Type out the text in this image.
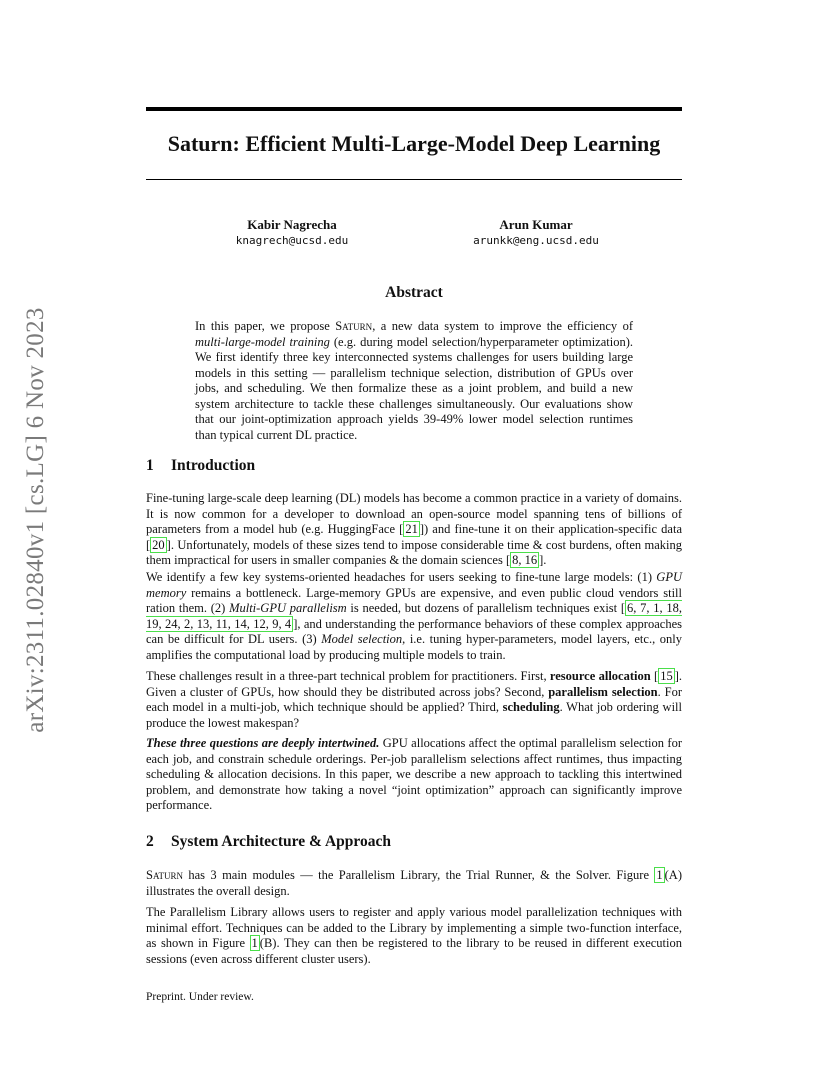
Saturn: Efficient Multi-Large-Model Deep Learning
Kabir Nagrecha
knagrech@ucsd.edu
Arun Kumar
arunkk@eng.ucsd.edu
arXiv:2311.02840v1 [cs.LG] 6 Nov 2023
Abstract
In this paper, we propose Saturn, a new data system to improve the efficiency of multi-large-model training (e.g. during model selection/hyperparameter optimization). We first identify three key interconnected systems challenges for users building large models in this setting — parallelism technique selection, distribution of GPUs over jobs, and scheduling. We then formalize these as a joint problem, and build a new system architecture to tackle these challenges simultaneously. Our evaluations show that our joint-optimization approach yields 39-49% lower model selection runtimes than typical current DL practice.
1 Introduction
Fine-tuning large-scale deep learning (DL) models has become a common practice in a variety of domains. It is now common for a developer to download an open-source model spanning tens of billions of parameters from a model hub (e.g. HuggingFace [ 21 ]) and fine-tune it on their application-specific data [ 20 ]. Unfortunately, models of these sizes tend to impose considerable time & cost burdens, often making them impractical for users in smaller companies & the domain sciences [ 8, 16 ].
We identify a few key systems-oriented headaches for users seeking to fine-tune large models: (1) GPU memory remains a bottleneck. Large-memory GPUs are expensive, and even public cloud vendors still ration them. (2) Multi-GPU parallelism is needed, but dozens of parallelism techniques exist [ 6, 7, 1, 18, 19, 24, 2, 13, 11, 14, 12, 9, 4 ], and understanding the performance behaviors of these complex approaches can be difficult for DL users. (3) Model selection, i.e. tuning hyper-parameters, model layers, etc., only amplifies the computational load by producing multiple models to train.
These challenges result in a three-part technical problem for practitioners. First, resource allocation [ 15 ]. Given a cluster of GPUs, how should they be distributed across jobs? Second, parallelism selection. For each model in a multi-job, which technique should be applied? Third, scheduling. What job ordering will produce the lowest makespan?
These three questions are deeply intertwined. GPU allocations affect the optimal parallelism selection for each job, and constrain schedule orderings. Per-job parallelism selections affect runtimes, thus impacting scheduling & allocation decisions. In this paper, we describe a new approach to tackling this intertwined problem, and demonstrate how taking a novel “joint optimization” approach can significantly improve performance.
2 System Architecture & Approach
Saturn has 3 main modules — the Parallelism Library, the Trial Runner, & the Solver. Figure 1 (A) illustrates the overall design.
The Parallelism Library allows users to register and apply various model parallelization techniques with minimal effort. Techniques can be added to the Library by implementing a simple two-function interface, as shown in Figure 1 (B). They can then be registered to the library to be reused in different execution sessions (even across different cluster users).
Preprint. Under review.
